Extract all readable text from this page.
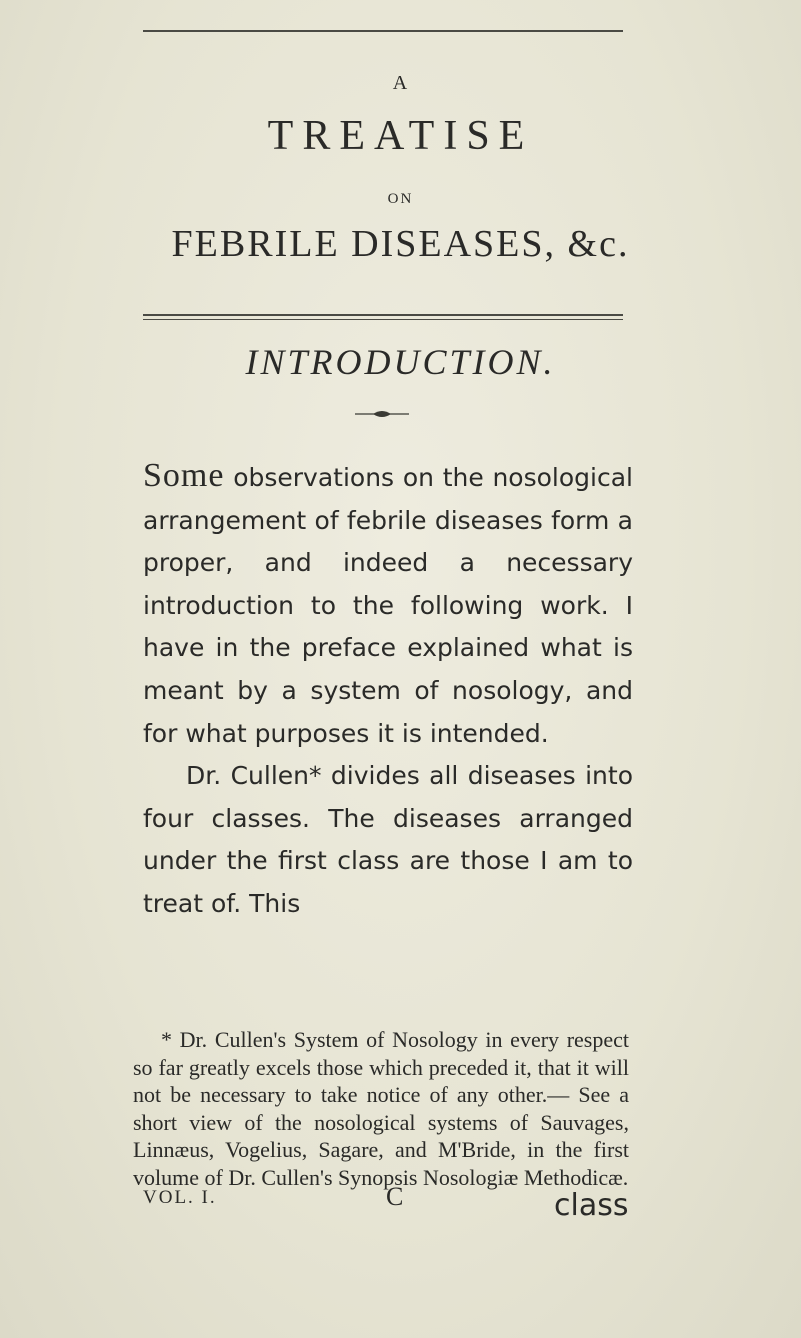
A
TREATISE
ON
FEBRILE DISEASES, &c.
INTRODUCTION.

Some observations on the nosological arrangement of febrile diseases form a proper, and indeed a necessary introduction to the following work. I have in the preface explained what is meant by a system of nosology, and for what purposes it is intended.

Dr. Cullen* divides all diseases into four classes. The diseases arranged under the first class are those I am to treat of. This

* Dr. Cullen's System of Nosology in every respect so far greatly excels those which preceded it, that it will not be necessary to take notice of any other.— See a short view of the nosological systems of Sauvages, Linnæus, Vogelius, Sagare, and M'Bride, in the first volume of Dr. Cullen's Synopsis Nosologiæ Methodicæ.

VOL. I.	C	class
